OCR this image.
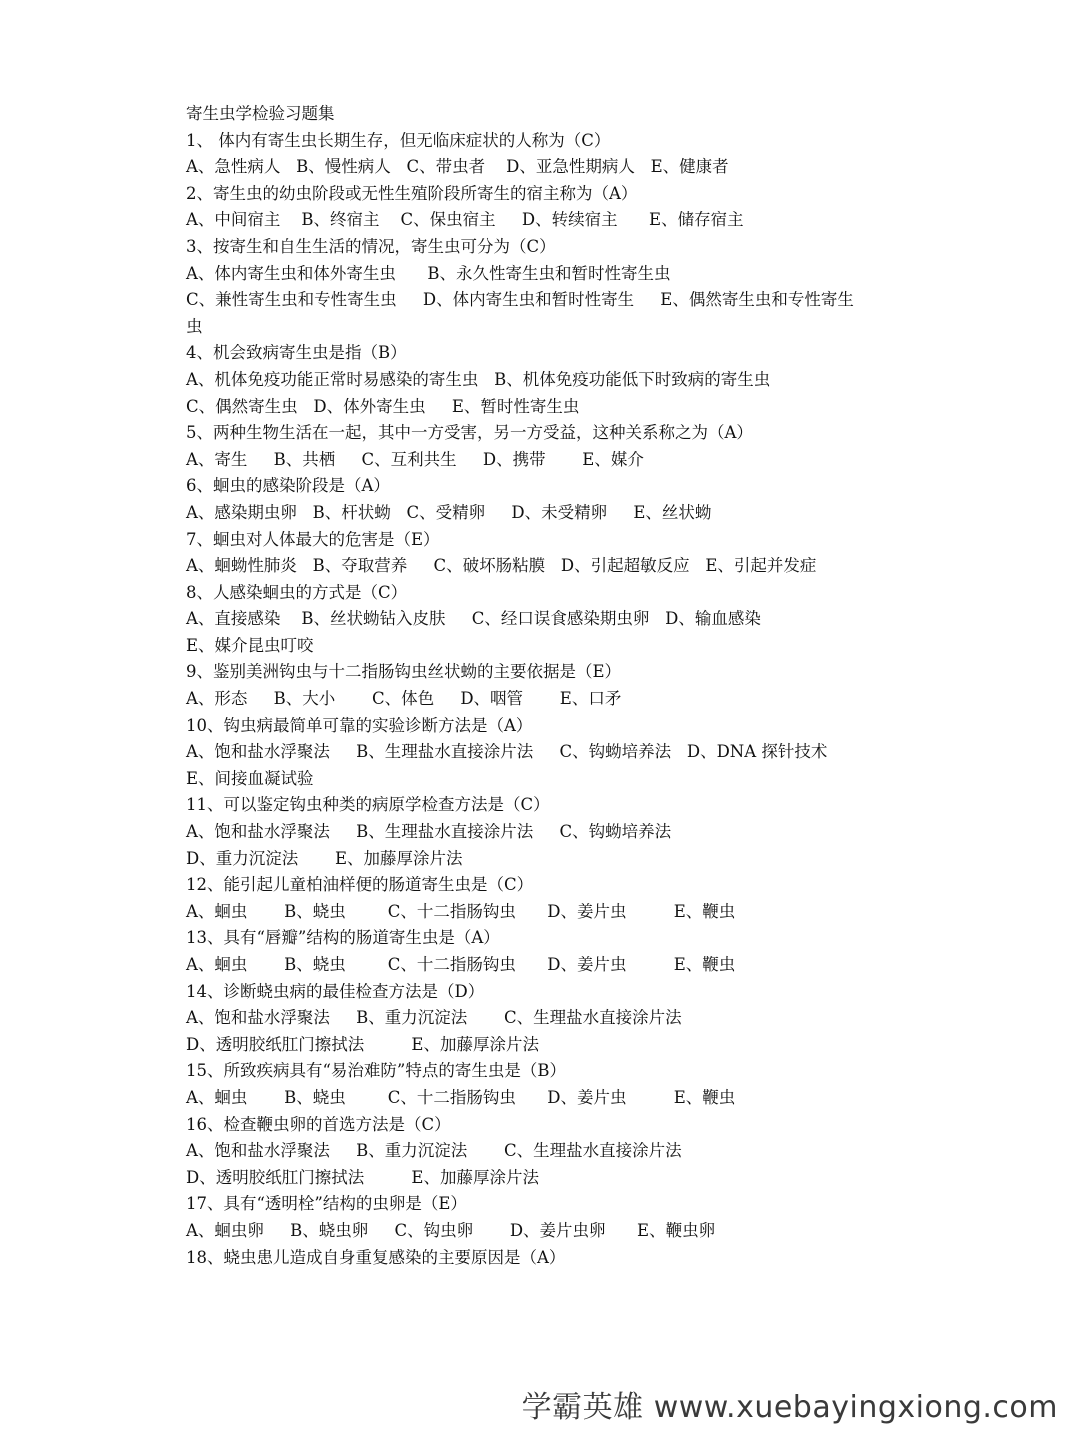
寄生虫学检验习题集
1、 体内有寄生虫长期生存，但无临床症状的人称为（C）
A、急性病人   B、慢性病人   C、带虫者    D、亚急性期病人   E、健康者
2、寄生虫的幼虫阶段或无性生殖阶段所寄生的宿主称为（A）
A、中间宿主    B、终宿主    C、保虫宿主     D、转续宿主      E、储存宿主
3、按寄生和自生生活的情况，寄生虫可分为（C）
A、体内寄生虫和体外寄生虫      B、永久性寄生虫和暂时性寄生虫
C、兼性寄生虫和专性寄生虫     D、体内寄生虫和暂时性寄生     E、偶然寄生虫和专性寄生
虫
4、机会致病寄生虫是指（B）
A、机体免疫功能正常时易感染的寄生虫   B、机体免疫功能低下时致病的寄生虫
C、偶然寄生虫   D、体外寄生虫     E、暂时性寄生虫
5、两种生物生活在一起，其中一方受害，另一方受益，这种关系称之为（A）
A、寄生     B、共栖     C、互利共生     D、携带       E、媒介
6、蛔虫的感染阶段是（A）
A、感染期虫卵   B、杆状蚴   C、受精卵     D、未受精卵     E、丝状蚴
7、蛔虫对人体最大的危害是（E）
A、蛔蚴性肺炎   B、夺取营养     C、破坏肠粘膜   D、引起超敏反应   E、引起并发症
8、人感染蛔虫的方式是（C）
A、直接感染    B、丝状蚴钻入皮肤     C、经口误食感染期虫卵   D、输血感染
E、媒介昆虫叮咬
9、鉴别美洲钩虫与十二指肠钩虫丝状蚴的主要依据是（E）
A、形态     B、大小       C、体色     D、咽管       E、口矛
10、钩虫病最简单可靠的实验诊断方法是（A）
A、饱和盐水浮聚法     B、生理盐水直接涂片法     C、钩蚴培养法   D、DNA 探针技术
E、间接血凝试验
11、可以鉴定钩虫种类的病原学检查方法是（C）
A、饱和盐水浮聚法     B、生理盐水直接涂片法     C、钩蚴培养法
D、重力沉淀法       E、加藤厚涂片法
12、能引起儿童柏油样便的肠道寄生虫是（C）
A、蛔虫       B、蛲虫        C、十二指肠钩虫      D、姜片虫         E、鞭虫
13、具有“唇瓣”结构的肠道寄生虫是（A）
A、蛔虫       B、蛲虫        C、十二指肠钩虫      D、姜片虫         E、鞭虫
14、诊断蛲虫病的最佳检查方法是（D）
A、饱和盐水浮聚法     B、重力沉淀法       C、生理盐水直接涂片法
D、透明胶纸肛门擦拭法         E、加藤厚涂片法
15、所致疾病具有“易治难防”特点的寄生虫是（B）
A、蛔虫       B、蛲虫        C、十二指肠钩虫      D、姜片虫         E、鞭虫
16、检查鞭虫卵的首选方法是（C）
A、饱和盐水浮聚法     B、重力沉淀法       C、生理盐水直接涂片法
D、透明胶纸肛门擦拭法         E、加藤厚涂片法
17、具有“透明栓”结构的虫卵是（E）
A、蛔虫卵     B、蛲虫卵     C、钩虫卵       D、姜片虫卵      E、鞭虫卵
18、蛲虫患儿造成自身重复感染的主要原因是（A）
学霸英雄 www.xuebayingxiong.com
